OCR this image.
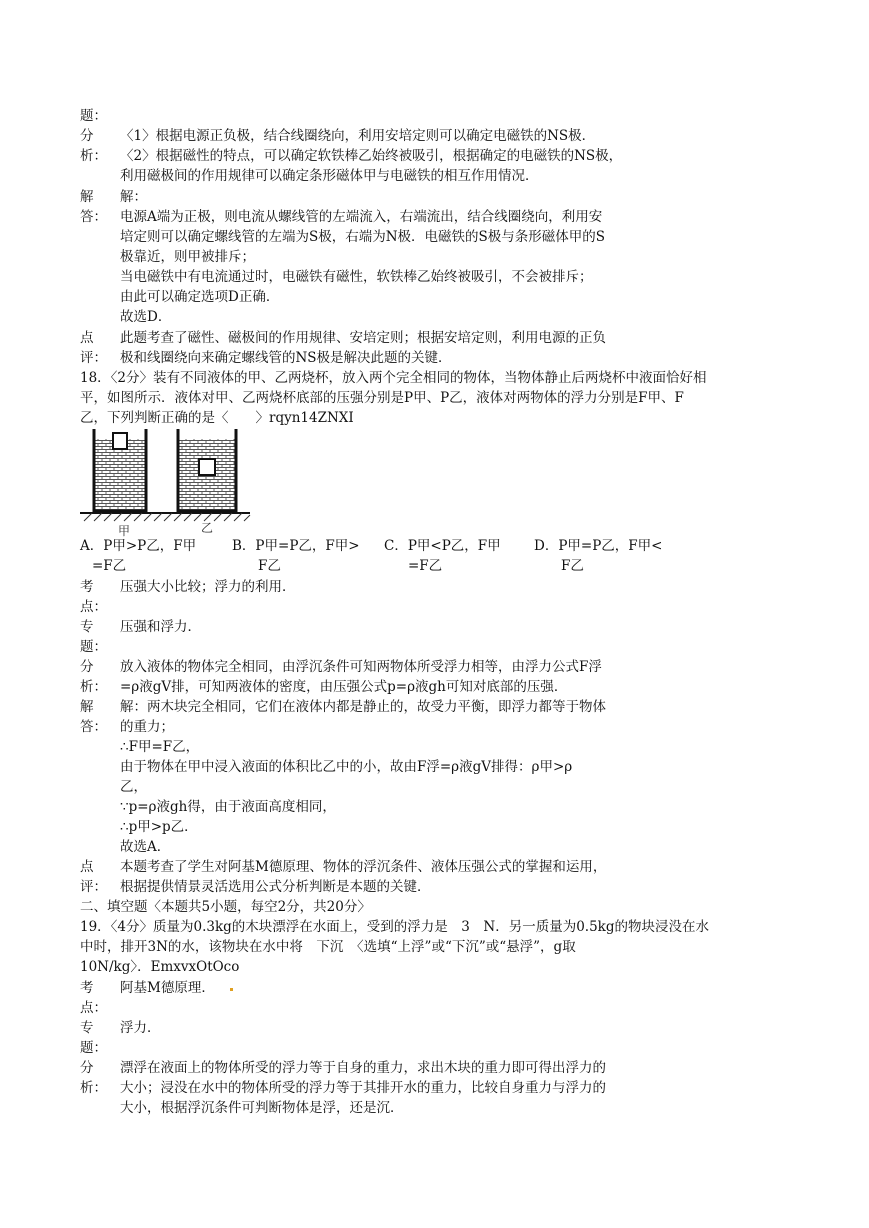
题：
分 〈1〉根据电源正负极，结合线圈绕向，利用安培定则可以确定电磁铁的NS极．
析： 〈2〉根据磁性的特点，可以确定软铁棒乙始终被吸引，根据确定的电磁铁的NS极，
利用磁极间的作用规律可以确定条形磁体甲与电磁铁的相互作用情况．
解 解：
答： 电源A端为正极，则电流从螺线管的左端流入，右端流出，结合线圈绕向，利用安
培定则可以确定螺线管的左端为S极，右端为N极．电磁铁的S极与条形磁体甲的S
极靠近，则甲被排斥；
当电磁铁中有电流通过时，电磁铁有磁性，软铁棒乙始终被吸引，不会被排斥；
由此可以确定选项D正确．
故选D．
点 此题考查了磁性、磁极间的作用规律、安培定则；根据安培定则，利用电源的正负
评： 极和线圈绕向来确定螺线管的NS极是解决此题的关键．
18．〈2分〉装有不同液体的甲、乙两烧杯，放入两个完全相同的物体，当物体静止后两烧杯中液面恰好相
平，如图所示．液体对甲、乙两烧杯底部的压强分别是P甲、P乙，液体对两物体的浮力分别是F甲、F
乙，下列判断正确的是〈　　〉rqyn14ZNXI
甲	乙
A．P甲>P乙，F甲
=F乙
B．P甲=P乙，F甲>
F乙
C．P甲<P乙，F甲
=F乙
D．P甲=P乙，F甲<
F乙
考 压强大小比较；浮力的利用．
点：
专 压强和浮力．
题：
分 放入液体的物体完全相同，由浮沉条件可知两物体所受浮力相等，由浮力公式F浮
析： =ρ液gV排，可知两液体的密度，由压强公式p=ρ液gh可知对底部的压强．
解 解：两木块完全相同，它们在液体内都是静止的，故受力平衡，即浮力都等于物体
答： 的重力；
∴F甲=F乙，
由于物体在甲中浸入液面的体积比乙中的小，故由F浮=ρ液gV排得：ρ甲>ρ
乙，
∵p=ρ液gh得，由于液面高度相同，
∴p甲>p乙．
故选A．
点 本题考查了学生对阿基M德原理、物体的浮沉条件、液体压强公式的掌握和运用，
评： 根据提供情景灵活选用公式分析判断是本题的关键．
二、填空题〈本题共5小题，每空2分，共20分〉
19．〈4分〉质量为0.3kg的木块漂浮在水面上，受到的浮力是　3　N．另一质量为0.5kg的物块浸没在水
中时，排开3N的水，该物块在水中将　下沉　〈选填“上浮”或“下沉”或“悬浮”，g取
10N/kg〉．EmxvxOtOco
考 阿基M德原理．
点：
专 浮力．
题：
分 漂浮在液面上的物体所受的浮力等于自身的重力，求出木块的重力即可得出浮力的
析： 大小；浸没在水中的物体所受的浮力等于其排开水的重力，比较自身重力与浮力的
大小，根据浮沉条件可判断物体是浮，还是沉．
